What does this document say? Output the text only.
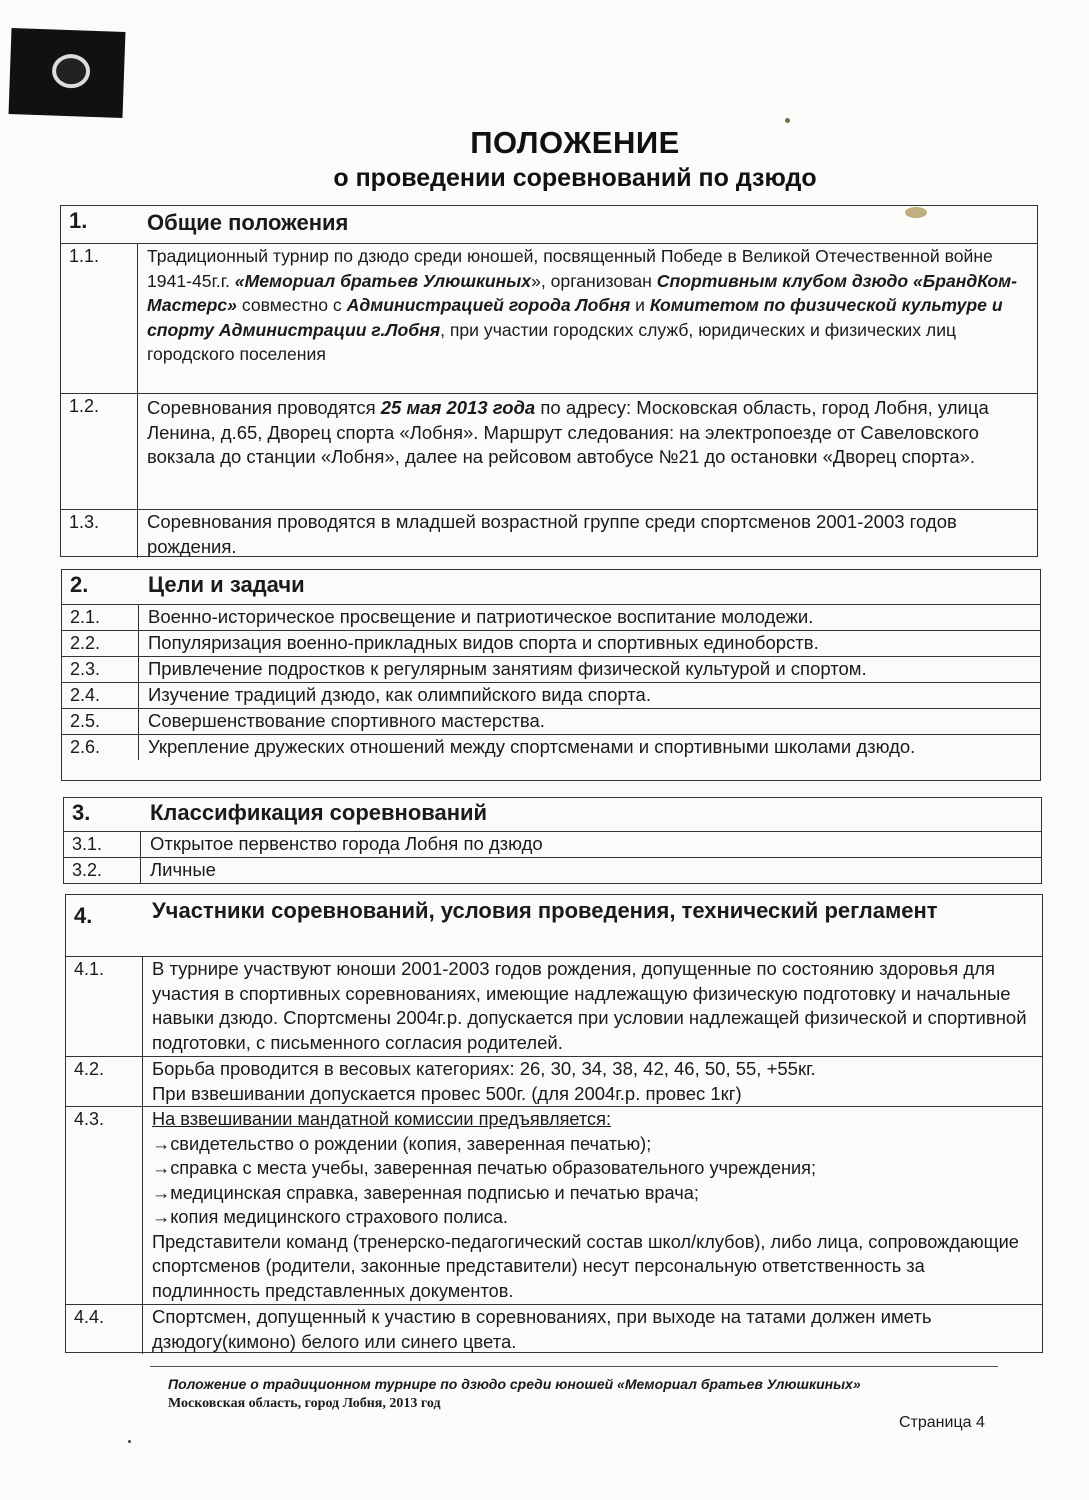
ПОЛОЖЕНИЕ
о проведении соревнований по дзюдо
1.	Общие положения
1.1.	Традиционный турнир по дзюдо среди юношей, посвященный Победе в Великой Отечественной войне 1941-45г.г. «Мемориал братьев Улюшкиных», организован Спортивным клубом дзюдо «БрандКом-Мастерс» совместно с Администрацией города Лобня и Комитетом по физической культуре и спорту Администрации г.Лобня, при участии городских служб, юридических и физических лиц городского поселения
1.2.	Соревнования проводятся 25 мая 2013 года по адресу: Московская область, город Лобня, улица Ленина, д.65, Дворец спорта «Лобня». Маршрут следования: на электропоезде от Савеловского вокзала до станции «Лобня», далее на рейсовом автобусе №21 до остановки «Дворец спорта».
1.3.	Соревнования проводятся в младшей возрастной группе среди спортсменов 2001-2003 годов рождения.
2.	Цели и задачи
2.1.	Военно-историческое просвещение и патриотическое воспитание молодежи.
2.2.	Популяризация военно-прикладных видов спорта и спортивных единоборств.
2.3.	Привлечение подростков к регулярным занятиям физической культурой и спортом.
2.4.	Изучение традиций дзюдо, как олимпийского вида спорта.
2.5.	Совершенствование спортивного мастерства.
2.6.	Укрепление дружеских отношений между спортсменами и спортивными школами дзюдо.
3.	Классификация соревнований
3.1.	Открытое первенство города Лобня по дзюдо
3.2.	Личные
4.	Участники соревнований, условия проведения, технический регламент
4.1.	В турнире участвуют юноши 2001-2003 годов рождения, допущенные по состоянию здоровья для участия в спортивных соревнованиях, имеющие надлежащую физическую подготовку и начальные навыки дзюдо. Спортсмены 2004г.р. допускается при условии надлежащей физической и спортивной подготовки, с письменного согласия родителей.
4.2.	Борьба проводится в весовых категориях: 26, 30, 34, 38, 42, 46, 50, 55, +55кг.
При взвешивании допускается провес 500г. (для 2004г.р. провес 1кг)
4.3.	На взвешивании мандатной комиссии предъявляется:
→свидетельство о рождении (копия, заверенная печатью);
→справка с места учебы, заверенная печатью образовательного учреждения;
→медицинская справка, заверенная подписью и печатью врача;
→копия медицинского страхового полиса.
Представители команд (тренерско-педагогический состав школ/клубов), либо лица, сопровождающие спортсменов (родители, законные представители) несут персональную ответственность за подлинность представленных документов.
4.4.	Спортсмен, допущенный к участию в соревнованиях, при выходе на татами должен иметь дзюдогу(кимоно) белого или синего цвета.
Положение о традиционном турнире по дзюдо среди юношей «Мемориал братьев Улюшкиных»
Московская область, город Лобня, 2013 год
Страница 4
